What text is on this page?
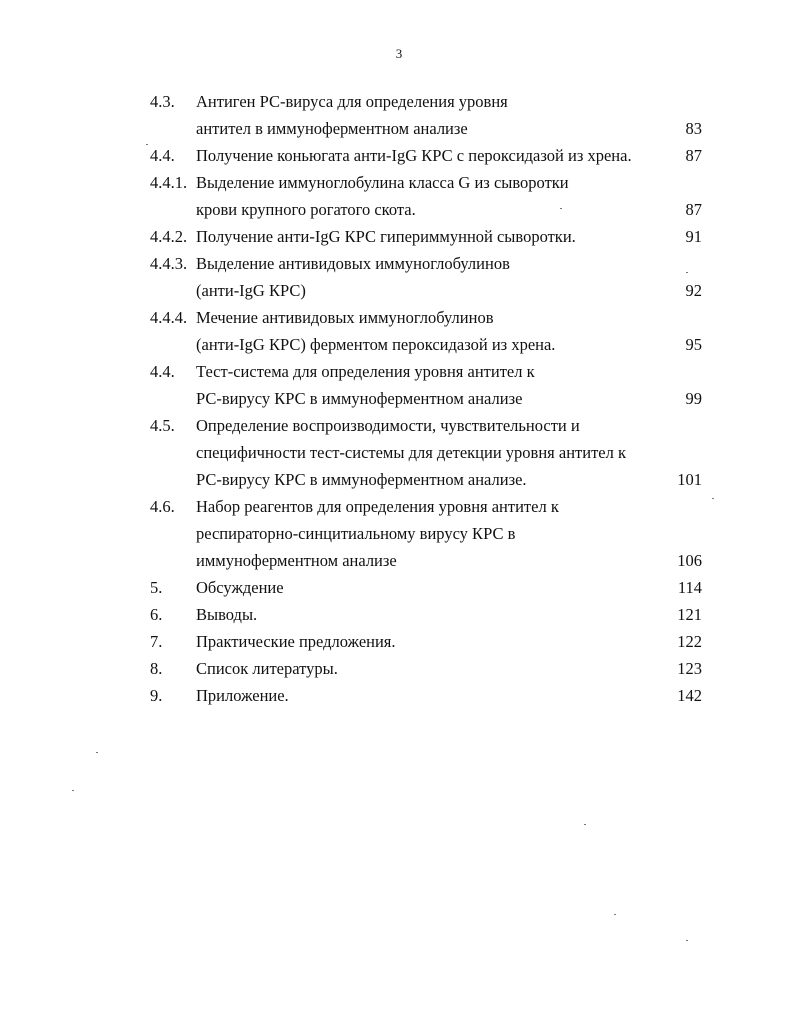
3
4.3. Антиген РС-вируса для определения уровня
антител в иммуноферментном анализе	83
4.4. Получение коньюгата анти-IgG КРС с пероксидазой из хрена.	87
4.4.1. Выделение иммуноглобулина класса G из сыворотки
крови крупного рогатого скота.	87
4.4.2. Получение анти-IgG КРС гипериммунной сыворотки.	91
4.4.3. Выделение антивидовых иммуноглобулинов
(анти-IgG КРС)	92
4.4.4. Мечение антивидовых иммуноглобулинов
(анти-IgG КРС) ферментом пероксидазой из хрена.	95
4.4. Тест-система для определения уровня антител к
РС-вирусу КРС в иммуноферментном анализе	99
4.5. Определение воспроизводимости, чувствительности и
специфичности тест-системы для детекции уровня антител к
РС-вирусу КРС в иммуноферментном анализе.	101
4.6. Набор реагентов для определения уровня антител к
респираторно-синцитиальному вирусу КРС в
иммуноферментном анализе	106
5. Обсуждение	114
6. Выводы.	121
7. Практические предложения.	122
8. Список литературы.	123
9. Приложение.	142
